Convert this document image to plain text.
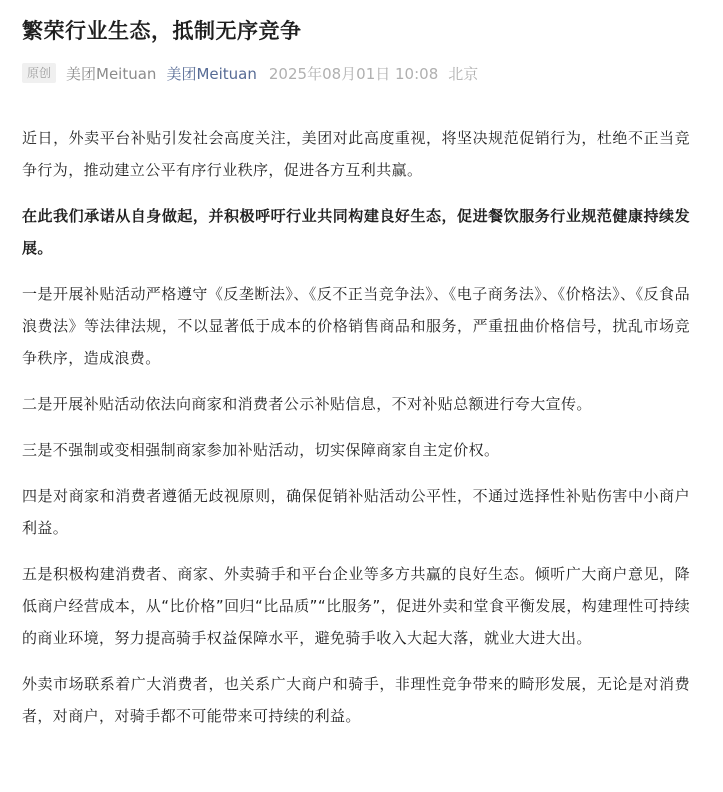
繁荣行业生态，抵制无序竞争
原创	美团Meituan 美团Meituan 2025年08月01日 10:08 北京

近日，外卖平台补贴引发社会高度关注，美团对此高度重视，将坚决规范促销行为，杜绝不正当竞争行为，推动建立公平有序行业秩序，促进各方互利共赢。

在此我们承诺从自身做起，并积极呼吁行业共同构建良好生态，促进餐饮服务行业规范健康持续发展。

一是开展补贴活动严格遵守《反垄断法》、《反不正当竞争法》、《电子商务法》、《价格法》、《反食品浪费法》等法律法规，不以显著低于成本的价格销售商品和服务，严重扭曲价格信号，扰乱市场竞争秩序，造成浪费。

二是开展补贴活动依法向商家和消费者公示补贴信息，不对补贴总额进行夸大宣传。

三是不强制或变相强制商家参加补贴活动，切实保障商家自主定价权。

四是对商家和消费者遵循无歧视原则，确保促销补贴活动公平性，不通过选择性补贴伤害中小商户利益。

五是积极构建消费者、商家、外卖骑手和平台企业等多方共赢的良好生态。倾听广大商户意见，降低商户经营成本，从“比价格”回归“比品质”“比服务”，促进外卖和堂食平衡发展，构建理性可持续的商业环境，努力提高骑手权益保障水平，避免骑手收入大起大落，就业大进大出。

外卖市场联系着广大消费者，也关系广大商户和骑手，非理性竞争带来的畸形发展，无论是对消费者，对商户，对骑手都不可能带来可持续的利益。
